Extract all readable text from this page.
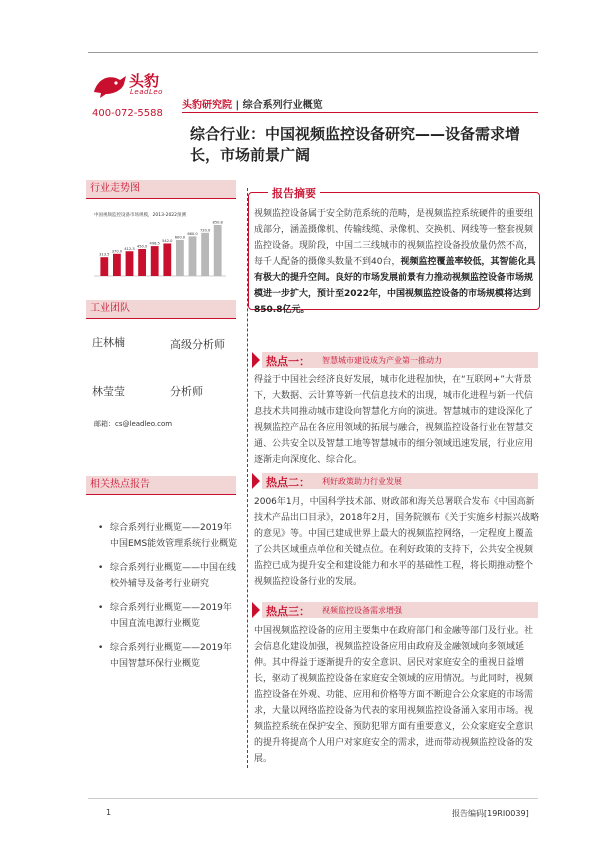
头豹
LeadLeo
400-072-5588
头豹研究院 | 综合系列行业概览
综合行业：中国视频监控设备研究——设备需求增长，市场前景广阔
行业走势图
中国视频监控设备市场规模，2013-2022预测
313.5
370.0
412.3
450.0
498.5
542.0
600.0
660.0
720.0
850.8
工业团队
庄林楠	高级分析师
林莹莹	分析师
邮箱：cs@leadleo.com
相关热点报告
• 综合系列行业概览——2019年中国EMS能效管理系统行业概览
• 综合系列行业概览——中国在线校外辅导及备考行业研究
• 综合系列行业概览——2019年中国直流电源行业概览
• 综合系列行业概览——2019年中国智慧环保行业概览
报告摘要
视频监控设备属于安全防范系统的范畴，是视频监控系统硬件的重要组成部分，涵盖摄像机、传输线缆、录像机、交换机、网线等一整套视频监控设备。现阶段，中国二三线城市的视频监控设备投放量仍然不高，每千人配备的摄像头数量不到40台，视频监控覆盖率较低，其智能化具有极大的提升空间。良好的市场发展前景有力推动视频监控设备市场规模进一步扩大，预计至2022年，中国视频监控设备的市场规模将达到850.8亿元。
热点一： 智慧城市建设成为产业第一推动力
得益于中国社会经济良好发展，城市化进程加快，在“互联网+”大背景下，大数据、云计算等新一代信息技术的出现，城市化进程与新一代信息技术共同推动城市建设向智慧化方向的演进。智慧城市的建设深化了视频监控产品在各应用领域的拓展与融合，视频监控设备行业在智慧交通、公共安全以及智慧工地等智慧城市的细分领域迅速发展，行业应用逐渐走向深度化、综合化。
热点二： 利好政策助力行业发展
2006年1月，中国科学技术部、财政部和海关总署联合发布《中国高新技术产品出口目录》，2018年2月，国务院颁布《关于实施乡村振兴战略的意见》等。中国已建成世界上最大的视频监控网络，一定程度上覆盖了公共区域重点单位和关键点位。在利好政策的支持下，公共安全视频监控已成为提升安全和建设能力和水平的基础性工程，将长期推动整个视频监控设备行业的发展。
热点三： 视频监控设备需求增强
中国视频监控设备的应用主要集中在政府部门和金融等部门及行业。社会信息化建设加强，视频监控设备应用由政府及金融领域向多领域延伸。其中得益于逐渐提升的安全意识、居民对家庭安全的重视日益增长，驱动了视频监控设备在家庭安全领域的应用情况。与此同时，视频监控设备在外观、功能、应用和价格等方面不断迎合公众家庭的市场需求，大量以网络监控设备为代表的家用视频监控设备涌入家用市场。视频监控系统在保护安全、预防犯罪方面有重要意义，公众家庭安全意识的提升将提高个人用户对家庭安全的需求，进而带动视频监控设备的发展。
1	报告编码[19RI0039]
